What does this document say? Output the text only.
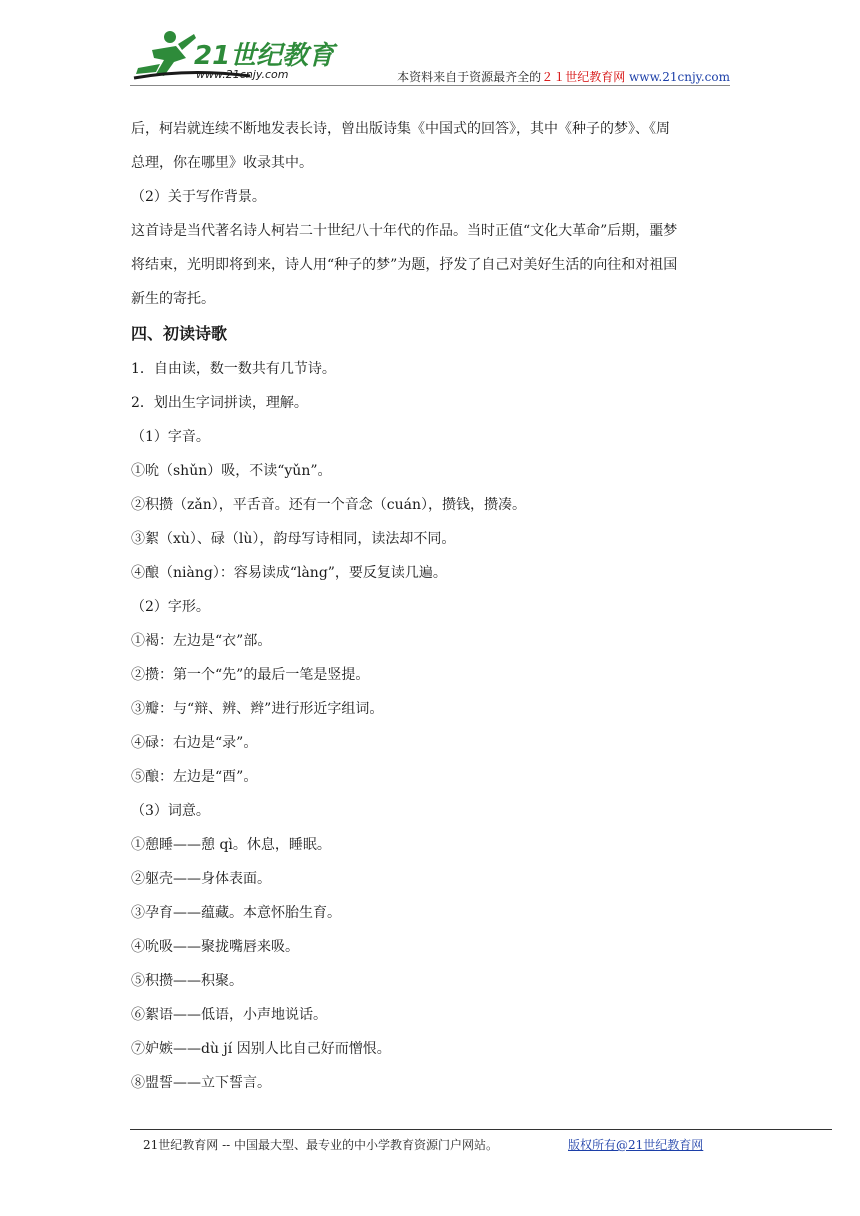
21世纪教育
www.21cnjy.com	本资料来自于资源最齐全的２１世纪教育网 www.21cnjy.com

后，柯岩就连续不断地发表长诗，曾出版诗集《中国式的回答》，其中《种子的梦》、《周

总理，你在哪里》收录其中。

（2）关于写作背景。

这首诗是当代著名诗人柯岩二十世纪八十年代的作品。当时正值“文化大革命”后期，噩梦

将结束，光明即将到来，诗人用“种子的梦”为题，抒发了自己对美好生活的向往和对祖国

新生的寄托。

四、初读诗歌

1．自由读，数一数共有几节诗。

2．划出生字词拼读，理解。

（1）字音。

①吮（shǔn）吸，不读“yǔn”。

②积攒（zǎn），平舌音。还有一个音念（cuán），攒钱，攒凑。

③絮（xù）、碌（lù），韵母写诗相同，读法却不同。

④酿（niàng）：容易读成“làng”，要反复读几遍。

（2）字形。

①褐：左边是“衣”部。

②攒：第一个“先”的最后一笔是竖提。

③瓣：与“辩、辨、辫”进行形近字组词。

④碌：右边是“录”。

⑤酿：左边是“酉”。

（3）词意。

①憩睡——憩 qì。休息，睡眠。

②躯壳——身体表面。

③孕育——蕴藏。本意怀胎生育。

④吮吸——聚拢嘴唇来吸。

⑤积攒——积聚。

⑥絮语——低语，小声地说话。

⑦妒嫉——dù jí 因别人比自己好而憎恨。

⑧盟誓——立下誓言。

21世纪教育网 -- 中国最大型、最专业的中小学教育资源门户网站。	版权所有@21世纪教育网
